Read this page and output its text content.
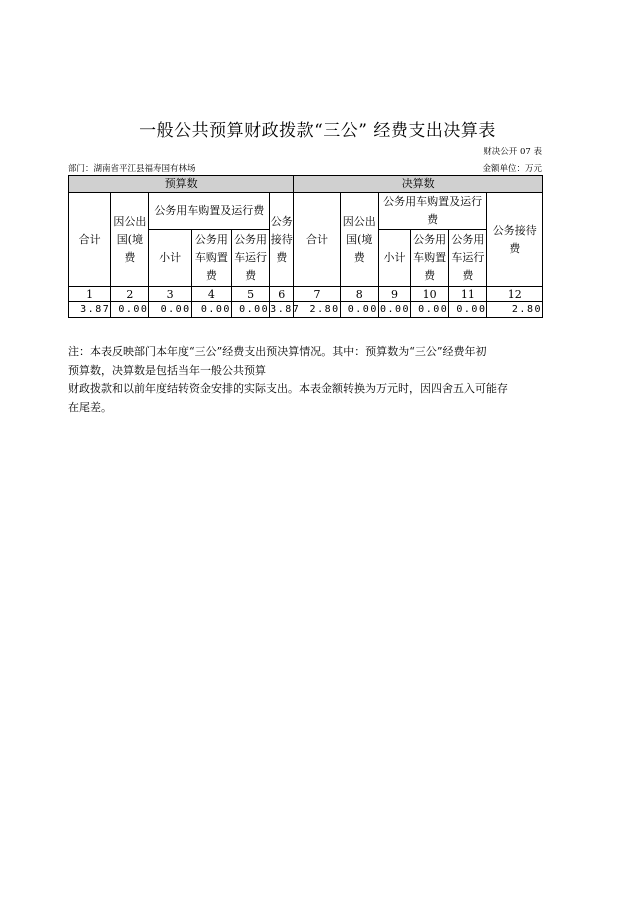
一般公共预算财政拨款“三公” 经费支出决算表
财决公开 07 表
部门：湖南省平江县福寿国有林场	金额单位：万元
预算数						决算数					
合计	因公出国(境费	公务用车购置及运行费			公务接待费	合计	因公出国(境费	公务用车购置及运行费			公务接待费
		小计	公务用车购置费	公务用车运行费				小计	公务用车购置费	公务用车运行费	
1	2	3	4	5	6	7	8	9	10	11	12
3.87	0.00	0.00	0.00	0.00	3.87	2.80	0.00	0.00	0.00	0.00	2.80
注：本表反映部门本年度“三公”经费支出预决算情况。其中：预算数为“三公”经费年初
预算数，决算数是包括当年一般公共预算
财政拨款和以前年度结转资金安排的实际支出。本表金额转换为万元时，因四舍五入可能存
在尾差。
